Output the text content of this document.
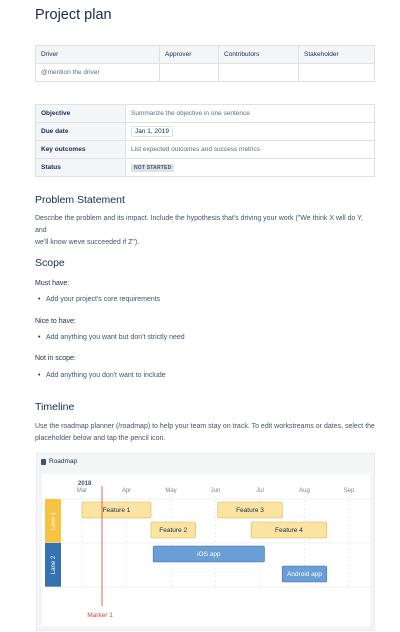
Project plan
Driver	Approver	Contributors	Stakeholder
@mention the driver			
Objective	Summarize the objective in one sentence
Due date	Jan 1, 2019
Key outcomes	List expected outcomes and success metrics
Status	NOT STARTED
Problem Statement
Describe the problem and its impact. Include the hypothesis that's driving your work ("We think X will do Y, and
we'll know weve succeeded if Z").
Scope
Must have:
• Add your project's core requirements
Nice to have:
• Add anything you want but don't strictly need
Not in scope:
• Add anything you don't want to include
Timeline
Use the roadmap planner (/roadmap) to help your team stay on track. To edit workstreams or dates, select the
placeholder below and tap the pencil icon.
Roadmap
2018
Mar	Apr	May	Jun	Jul	Aug	Sep
Lane 1
Lane 2
Feature 1	Feature 3
Feature 2	Feature 4
iOS app
Android app
Marker 1
